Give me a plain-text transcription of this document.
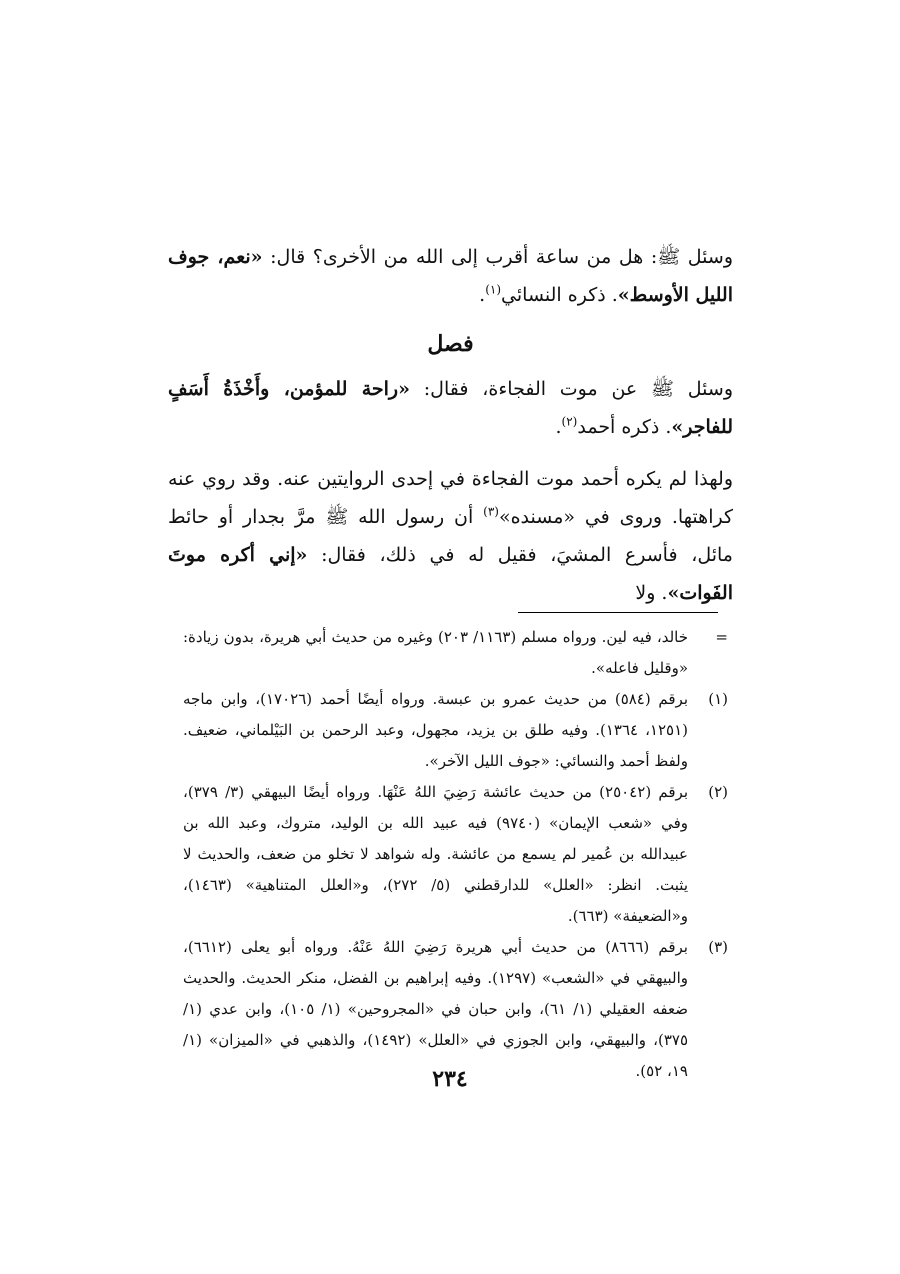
وسئل ﷺ: هل من ساعة أقرب إلى الله من الأخرى؟ قال: «نعم، جوف الليل الأوسط». ذكره النسائي$^{(١)}$.

فصل

وسئل ﷺ عن موت الفجاءة، فقال: «راحة للمؤمن، وأَخْذَةُ أَسَفٍ للفاجر». ذكره أحمد$^{(٢)}$.

ولهذا لم يكره أحمد موت الفجاءة في إحدى الروايتين عنه. وقد روي عنه كراهتها. وروى في «مسنده»$^{(٣)}$ أن رسول الله ﷺ مرَّ بجدار أو حائط مائل، فأسرع المشيَ، فقيل له في ذلك، فقال: «إني أكره موتَ الفَوات». ولا

=
خالد، فيه لين. ورواه مسلم (١١٦٣/ ٢٠٣) وغيره من حديث أبي هريرة، بدون زيادة: «وقليل فاعله».
(١)
برقم (٥٨٤) من حديث عمرو بن عبسة. ورواه أيضًا أحمد (١٧٠٢٦)، وابن ماجه (١٢٥١، ١٣٦٤). وفيه طلق بن يزيد، مجهول، وعبد الرحمن بن البَيْلماني، ضعيف. ولفظ أحمد والنسائي: «جوف الليل الآخر».
(٢)
برقم (٢٥٠٤٢) من حديث عائشة رَضِيَ اللهُ عَنْهَا. ورواه أيضًا البيهقي (٣/ ٣٧٩)، وفي «شعب الإيمان» (٩٧٤٠) فيه عبيد الله بن الوليد، متروك، وعبد الله بن عبيدالله بن عُمير لم يسمع من عائشة. وله شواهد لا تخلو من ضعف، والحديث لا يثبت. انظر: «العلل» للدارقطني (٥/ ٢٧٢)، و«العلل المتناهية» (١٤٦٣)، و«الضعيفة» (٦٦٣).
(٣)
برقم (٨٦٦٦) من حديث أبي هريرة رَضِيَ اللهُ عَنْهُ. ورواه أبو يعلى (٦٦١٢)، والبيهقي في «الشعب» (١٢٩٧). وفيه إبراهيم بن الفضل، منكر الحديث. والحديث ضعفه العقيلي (١/ ٦١)، وابن حبان في «المجروحين» (١/ ١٠٥)، وابن عدي (١/ ٣٧٥)، والبيهقي، وابن الجوزي في «العلل» (١٤٩٢)، والذهبي في «الميزان» (١/ ١٩، ٥٢).
٢٣٤
